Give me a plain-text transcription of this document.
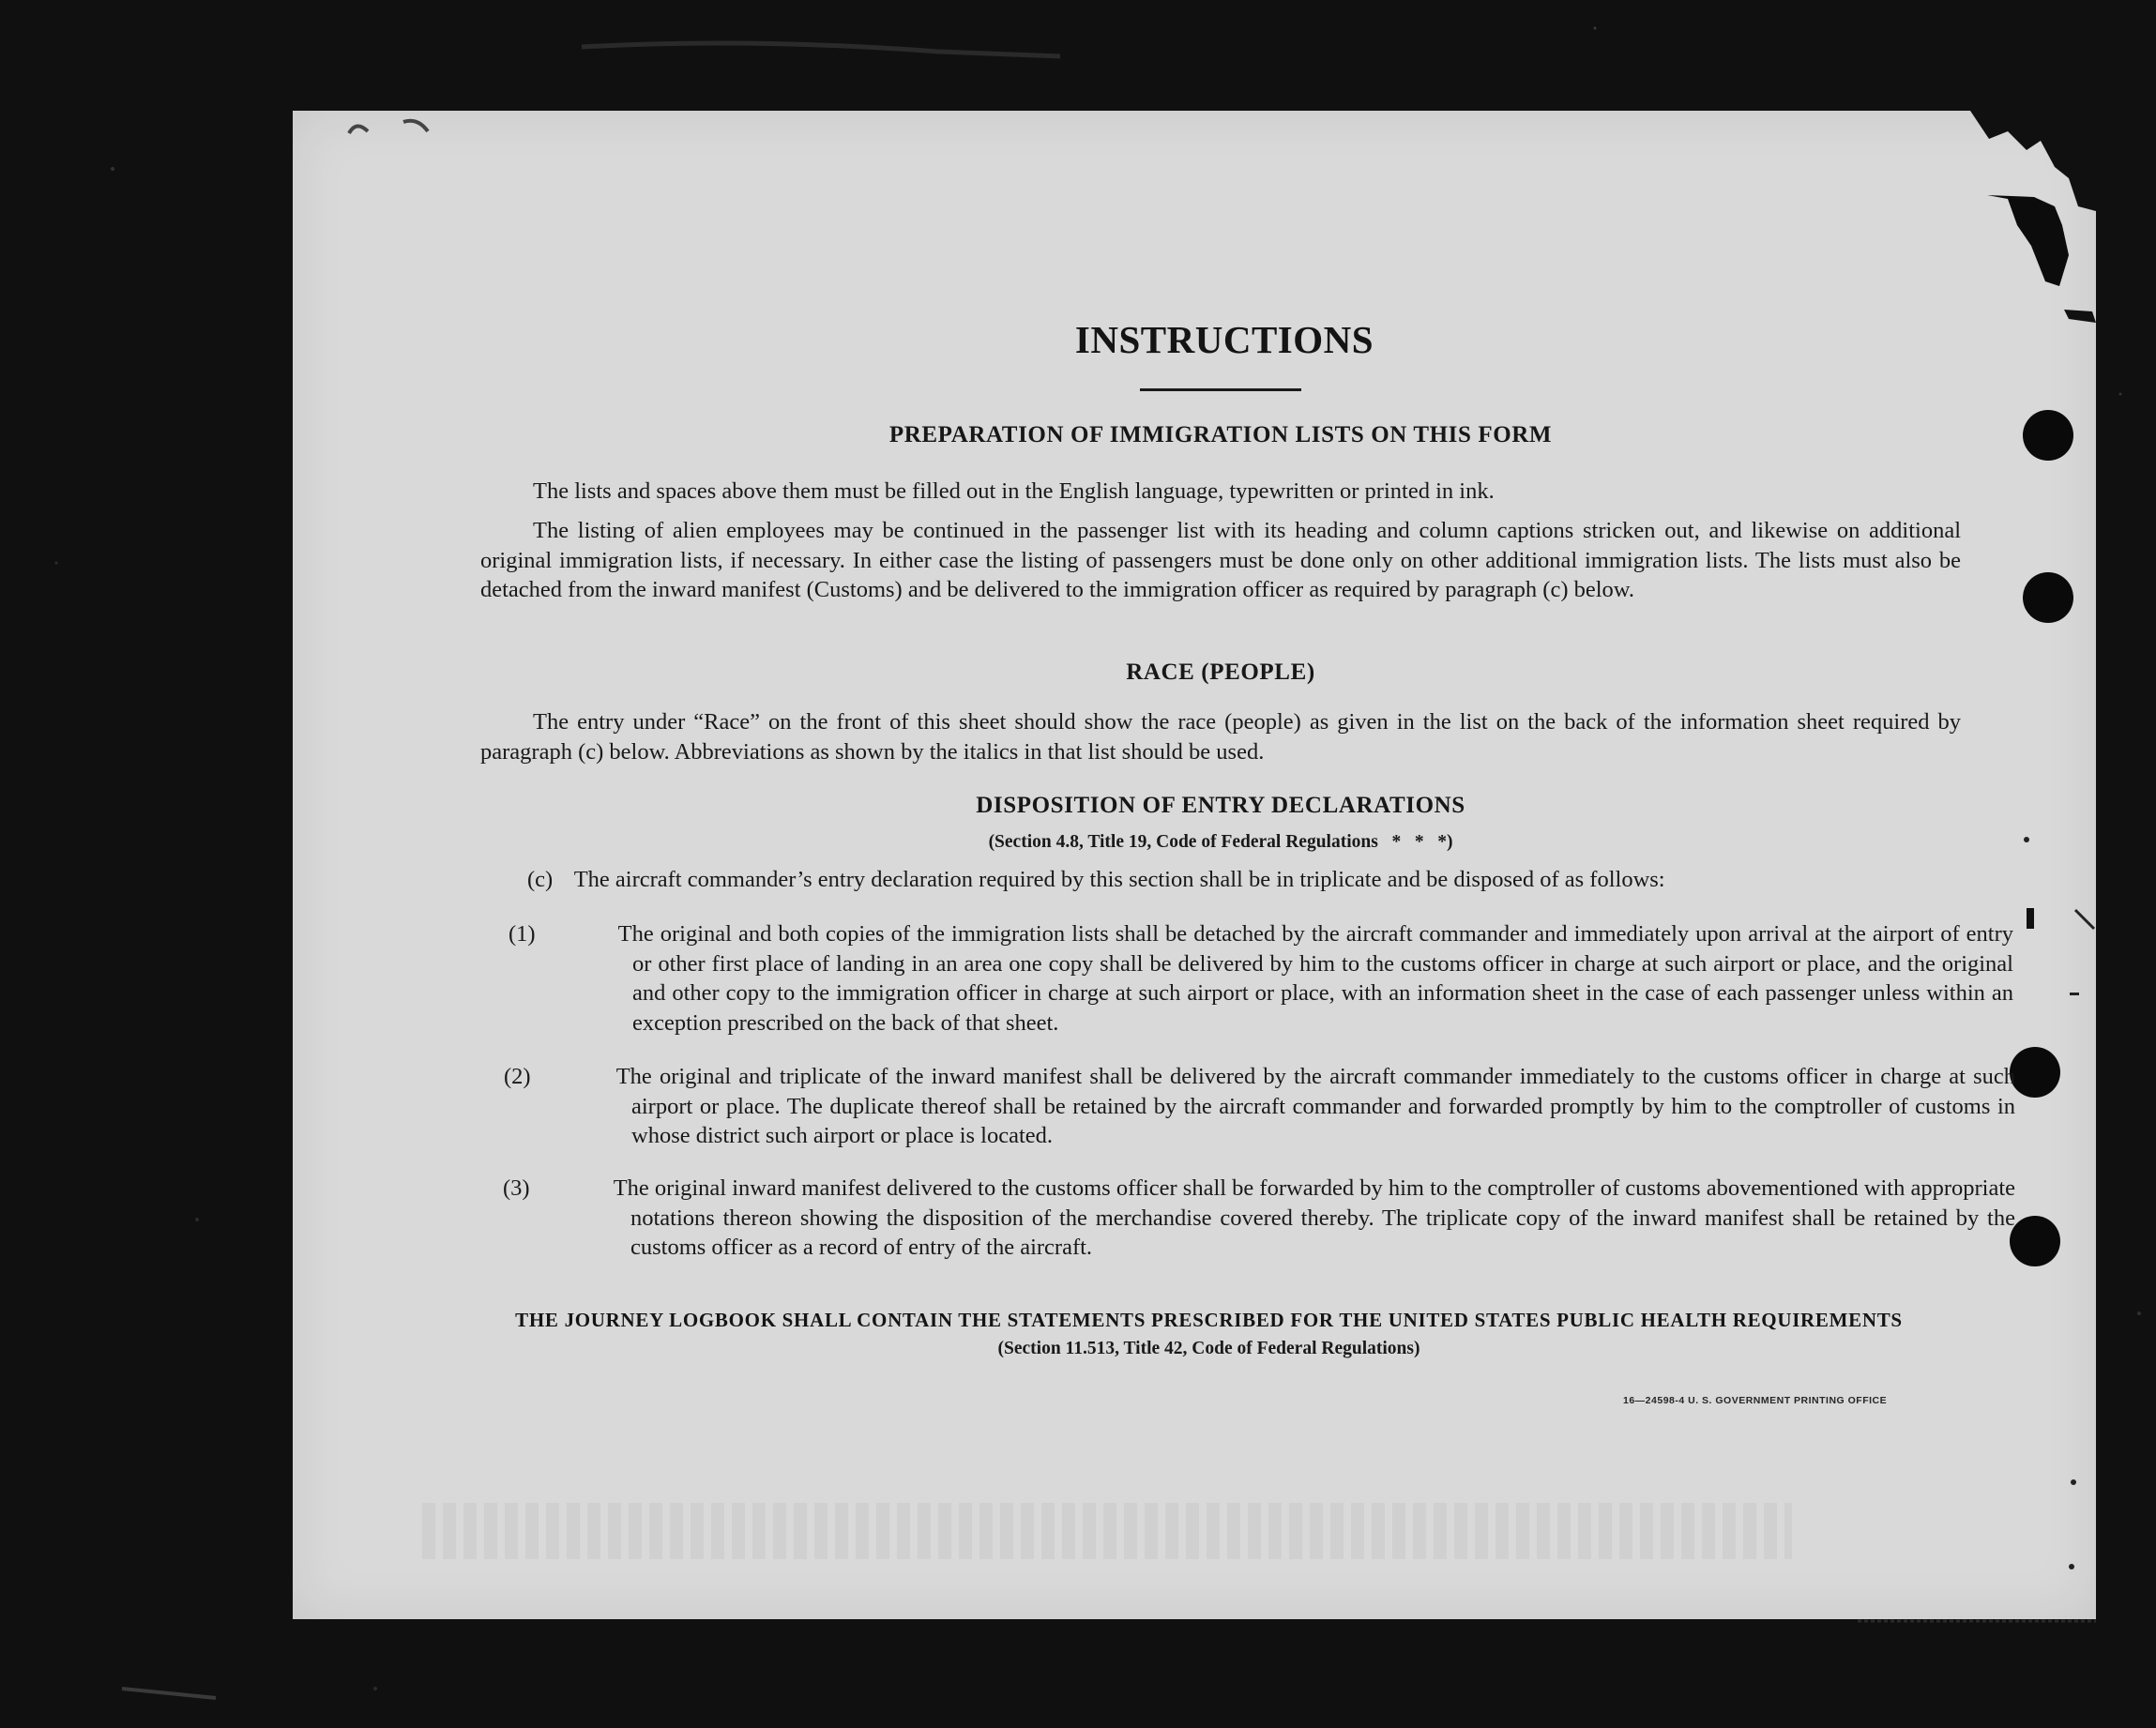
INSTRUCTIONS
PREPARATION OF IMMIGRATION LISTS ON THIS FORM
The lists and spaces above them must be filled out in the English language, typewritten or printed in ink.
The listing of alien employees may be continued in the passenger list with its heading and column captions stricken out, and likewise on additional original immigration lists, if necessary. In either case the listing of passengers must be done only on other additional immigration lists. The lists must also be detached from the inward manifest (Customs) and be delivered to the immigration officer as required by paragraph (c) below.
RACE (PEOPLE)
The entry under “Race” on the front of this sheet should show the race (people) as given in the list on the back of the information sheet required by paragraph (c) below. Abbreviations as shown by the italics in that list should be used.
DISPOSITION OF ENTRY DECLARATIONS
(Section 4.8, Title 19, Code of Federal Regulations   *   *   *)
(c) The aircraft commander’s entry declaration required by this section shall be in triplicate and be disposed of as follows:
(1)	The original and both copies of the immigration lists shall be detached by the aircraft commander and immediately upon arrival at the airport of entry or other first place of landing in an area one copy shall be delivered by him to the customs officer in charge at such airport or place, and the original and other copy to the immigration officer in charge at such airport or place, with an information sheet in the case of each passenger unless within an exception prescribed on the back of that sheet.
(2)	The original and triplicate of the inward manifest shall be delivered by the aircraft commander immediately to the customs officer in charge at such airport or place. The duplicate thereof shall be retained by the aircraft commander and forwarded promptly by him to the comptroller of customs in whose district such airport or place is located.
(3)	The original inward manifest delivered to the customs officer shall be forwarded by him to the comptroller of customs abovementioned with appropriate notations thereon showing the disposition of the merchandise covered thereby. The triplicate copy of the inward manifest shall be retained by the customs officer as a record of entry of the aircraft.
THE JOURNEY LOGBOOK SHALL CONTAIN THE STATEMENTS PRESCRIBED FOR THE UNITED STATES PUBLIC HEALTH REQUIREMENTS
(Section 11.513, Title 42, Code of Federal Regulations)
16—24598-4 U. S. GOVERNMENT PRINTING OFFICE
